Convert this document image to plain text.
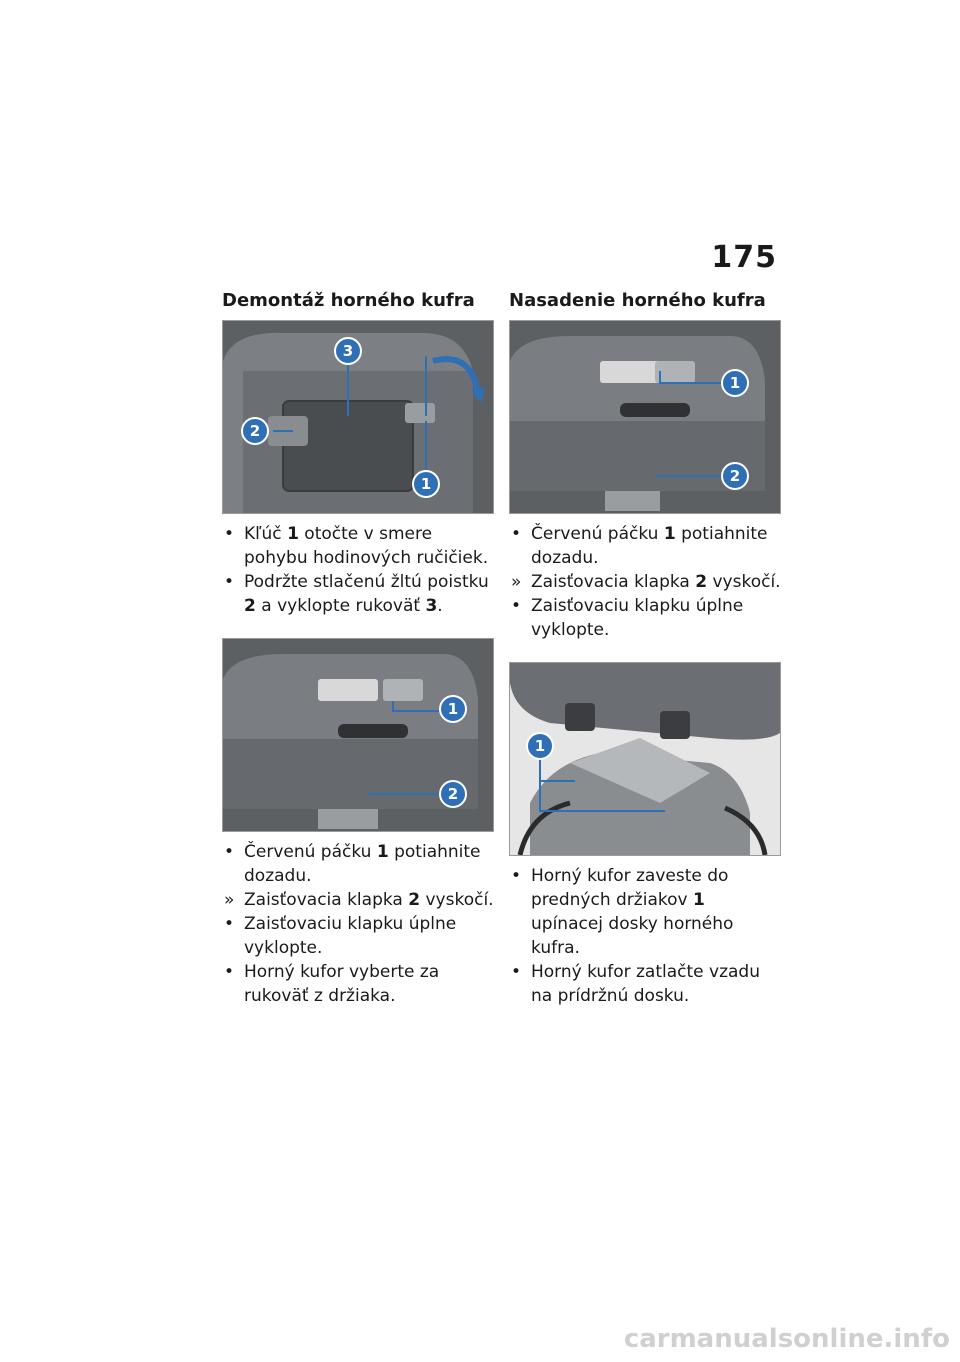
175
Demontáž horného kufra
3
2
1
• Kľúč 1 otočte v smere pohybu hodinových ručičiek.
• Podržte stlačenú žltú poistku 2 a vyklopte rukoväť 3.
1
2
• Červenú páčku 1 potiahnite dozadu.
» Zaisťovacia klapka 2 vyskočí.
• Zaisťovaciu klapku úplne vyklopte.
• Horný kufor vyberte za rukoväť z držiaka.
Nasadenie horného kufra
1
2
• Červenú páčku 1 potiahnite dozadu.
» Zaisťovacia klapka 2 vyskočí.
• Zaisťovaciu klapku úplne vyklopte.
1
• Horný kufor zaveste do predných držiakov 1 upínacej dosky horného kufra.
• Horný kufor zatlačte vzadu na prídržnú dosku.
carmanualsonline.info
